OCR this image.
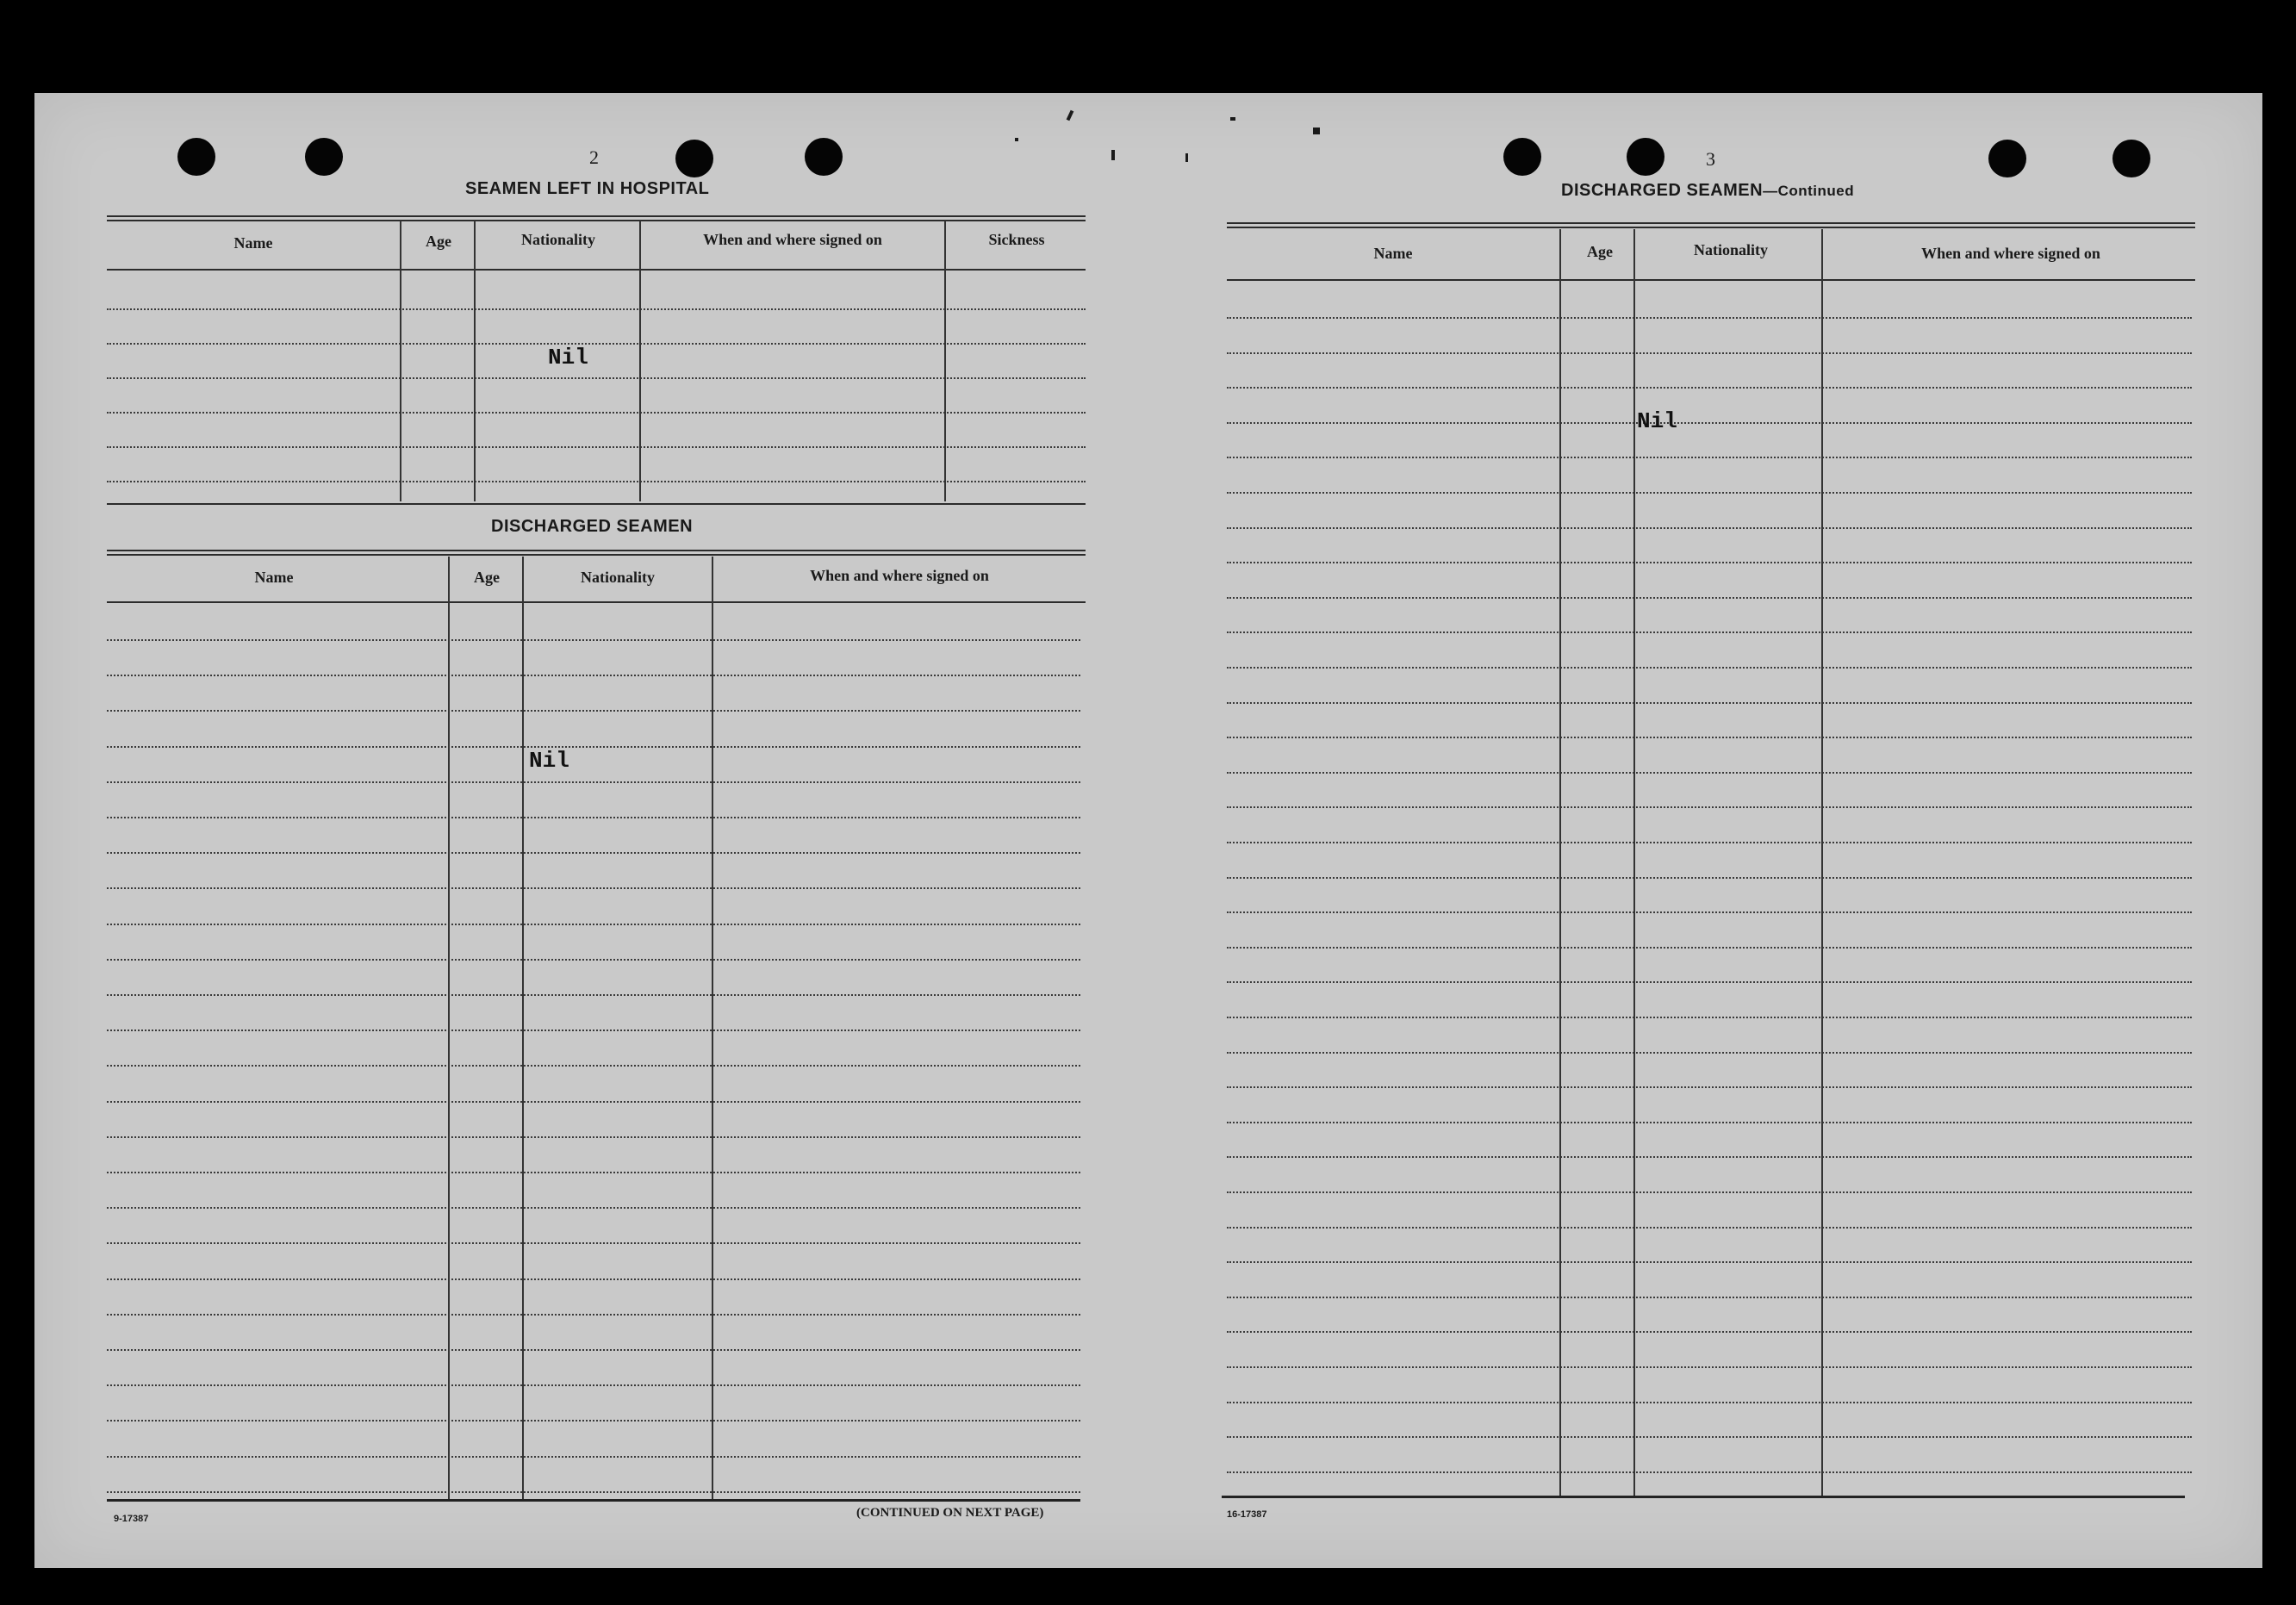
2
SEAMEN LEFT IN HOSPITAL
Name	Age	Nationality	When and where signed on	Sickness
Nil
DISCHARGED SEAMEN
Name	Age	Nationality	When and where signed on
Nil
9-17387	(CONTINUED ON NEXT PAGE)
3
DISCHARGED SEAMEN—Continued
Name	Age	Nationality	When and where signed on
Nil
16-17387
